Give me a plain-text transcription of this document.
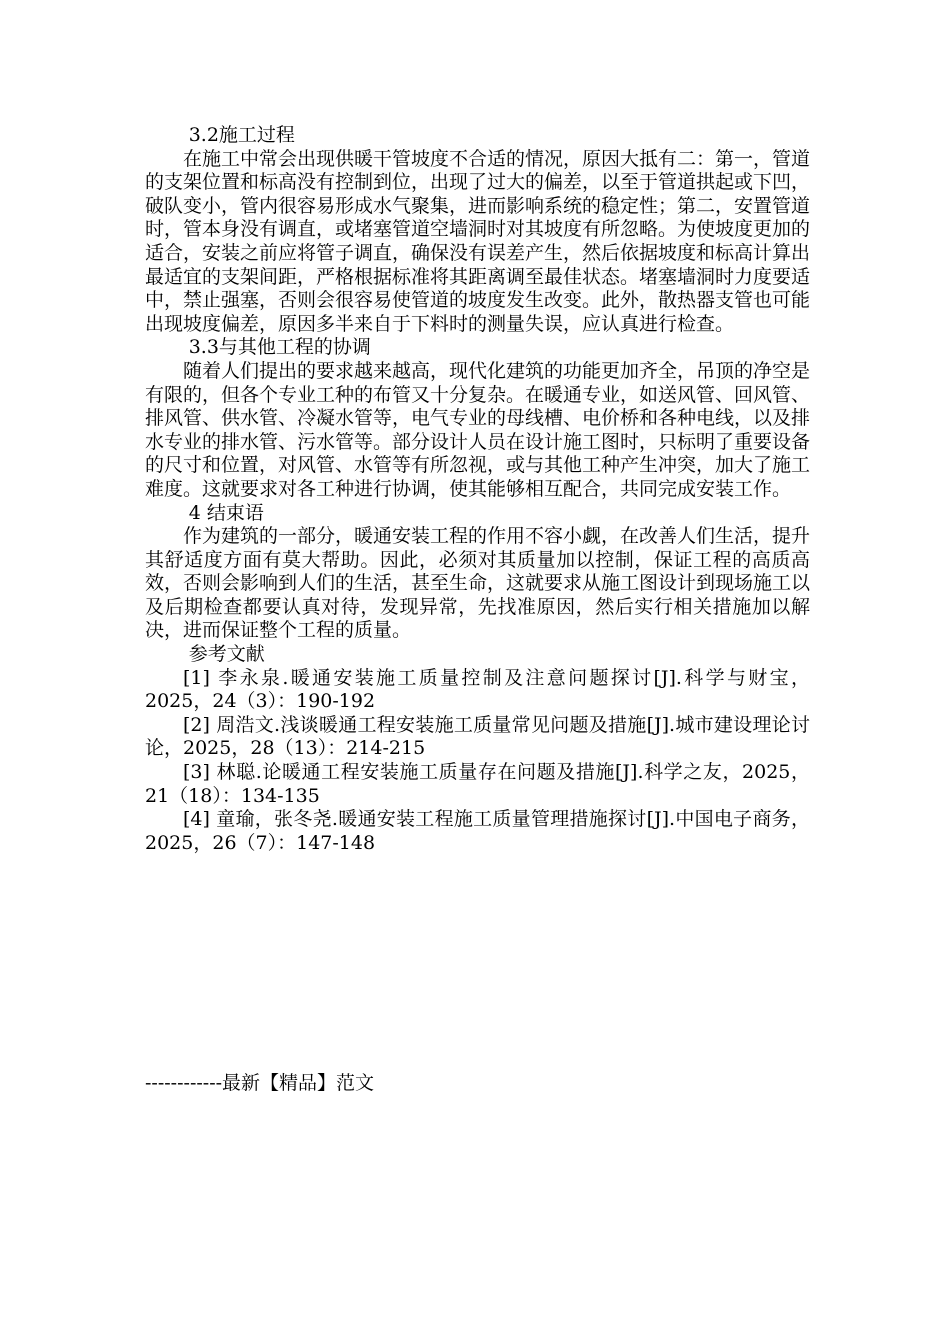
3.2施工过程

在施工中常会出现供暖干管坡度不合适的情况，原因大抵有二：第一，管道的支架位置和标高没有控制到位，出现了过大的偏差，以至于管道拱起或下凹，破队变小，管内很容易形成水气聚集，进而影响系统的稳定性；第二，安置管道时，管本身没有调直，或堵塞管道空墙洞时对其坡度有所忽略。为使坡度更加的适合，安装之前应将管子调直，确保没有误差产生，然后依据坡度和标高计算出最适宜的支架间距，严格根据标准将其距离调至最佳状态。堵塞墙洞时力度要适中，禁止强塞，否则会很容易使管道的坡度发生改变。此外，散热器支管也可能出现坡度偏差，原因多半来自于下料时的测量失误，应认真进行检查。

3.3与其他工程的协调

随着人们提出的要求越来越高，现代化建筑的功能更加齐全，吊顶的净空是有限的，但各个专业工种的布管又十分复杂。在暖通专业，如送风管、回风管、排风管、供水管、冷凝水管等，电气专业的母线槽、电价桥和各种电线，以及排水专业的排水管、污水管等。部分设计人员在设计施工图时，只标明了重要设备的尺寸和位置，对风管、水管等有所忽视，或与其他工种产生冲突，加大了施工难度。这就要求对各工种进行协调，使其能够相互配合，共同完成安装工作。

4 结束语

作为建筑的一部分，暖通安装工程的作用不容小觑，在改善人们生活，提升其舒适度方面有莫大帮助。因此，必须对其质量加以控制，保证工程的高质高效，否则会影响到人们的生活，甚至生命，这就要求从施工图设计到现场施工以及后期检查都要认真对待，发现异常，先找准原因，然后实行相关措施加以解决，进而保证整个工程的质量。

参考文献

[1] 李永泉.暖通安装施工质量控制及注意问题探讨[J].科学与财宝，2025，24（3）：190-192

[2] 周浩文.浅谈暖通工程安装施工质量常见问题及措施[J].城市建设理论讨论，2025，28（13）：214-215

[3] 林聪.论暖通工程安装施工质量存在问题及措施[J].科学之友，2025，21（18）：134-135

[4] 童瑜，张冬尧.暖通安装工程施工质量管理措施探讨[J].中国电子商务，2025，26（7）：147-148

------------最新【精品】范文
